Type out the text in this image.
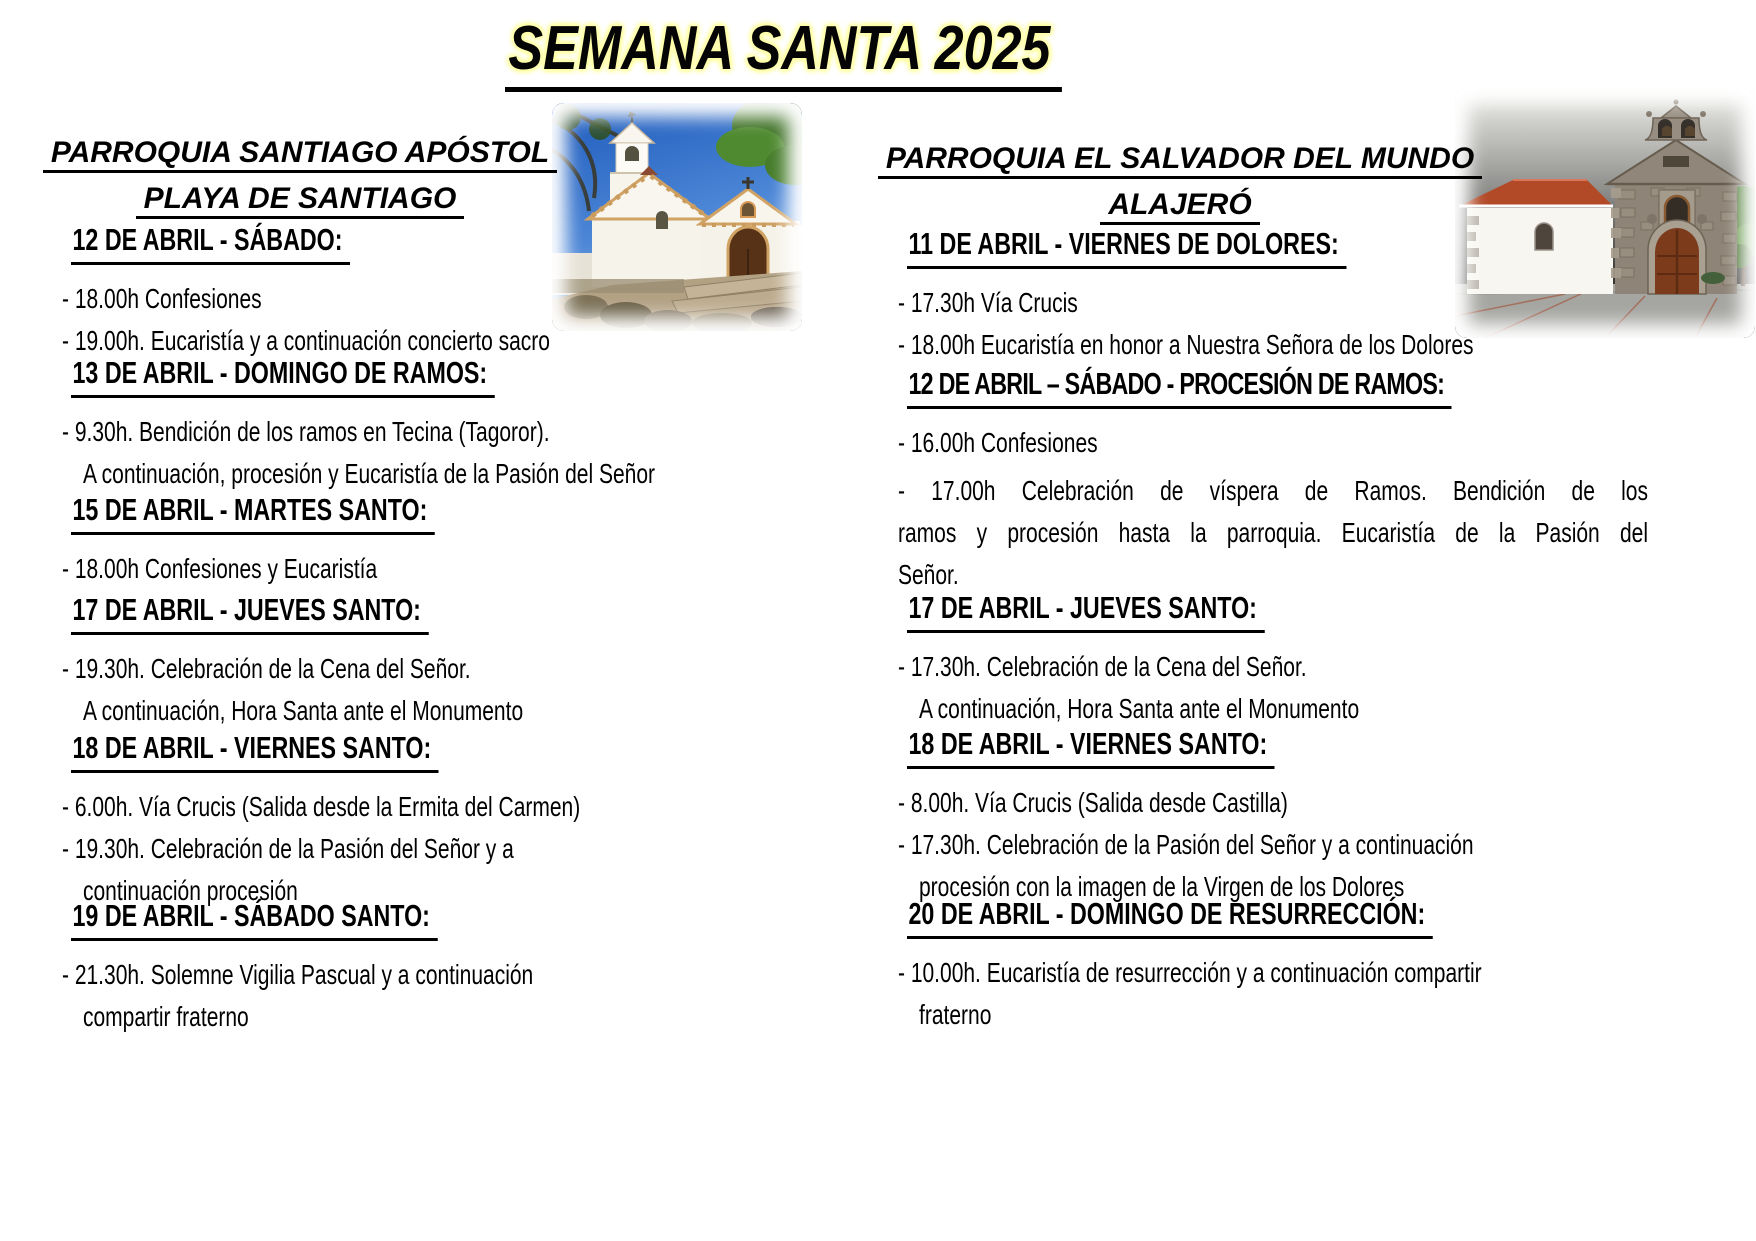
SEMANA SANTA 2025
PARROQUIA SANTIAGO APÓSTOL
PLAYA DE SANTIAGO
PARROQUIA EL SALVADOR DEL MUNDO
ALAJERÓ
12 DE ABRIL - SÁBADO:
- 18.00h Confesiones
- 19.00h. Eucaristía y a continuación concierto sacro
13 DE ABRIL - DOMINGO DE RAMOS:
- 9.30h. Bendición de los ramos en Tecina (Tagoror).
A continuación, procesión y Eucaristía de la Pasión del Señor
15 DE ABRIL - MARTES SANTO:
- 18.00h Confesiones y Eucaristía
17 DE ABRIL - JUEVES SANTO:
- 19.30h. Celebración de la Cena del Señor.
A continuación, Hora Santa ante el Monumento
18 DE ABRIL - VIERNES SANTO:
- 6.00h. Vía Crucis (Salida desde la Ermita del Carmen)
- 19.30h. Celebración de la Pasión del Señor y a
continuación procesión
19 DE ABRIL - SÁBADO SANTO:
- 21.30h. Solemne Vigilia Pascual y a continuación
compartir fraterno
11 DE ABRIL - VIERNES DE DOLORES:
- 17.30h Vía Crucis
- 18.00h Eucaristía en honor a Nuestra Señora de los Dolores
12 DE ABRIL – SÁBADO - PROCESIÓN DE RAMOS:
- 16.00h Confesiones
- 17.00h Celebración de víspera de Ramos. Bendición de los
ramos y procesión hasta la parroquia. Eucaristía de la Pasión del
Señor.
17 DE ABRIL - JUEVES SANTO:
- 17.30h. Celebración de la Cena del Señor.
A continuación, Hora Santa ante el Monumento
18 DE ABRIL - VIERNES SANTO:
- 8.00h. Vía Crucis (Salida desde Castilla)
- 17.30h. Celebración de la Pasión del Señor y a continuación
procesión con la imagen de la Virgen de los Dolores
20 DE ABRIL - DOMINGO DE RESURRECCIÓN:
- 10.00h. Eucaristía de resurrección y a continuación compartir
fraterno
